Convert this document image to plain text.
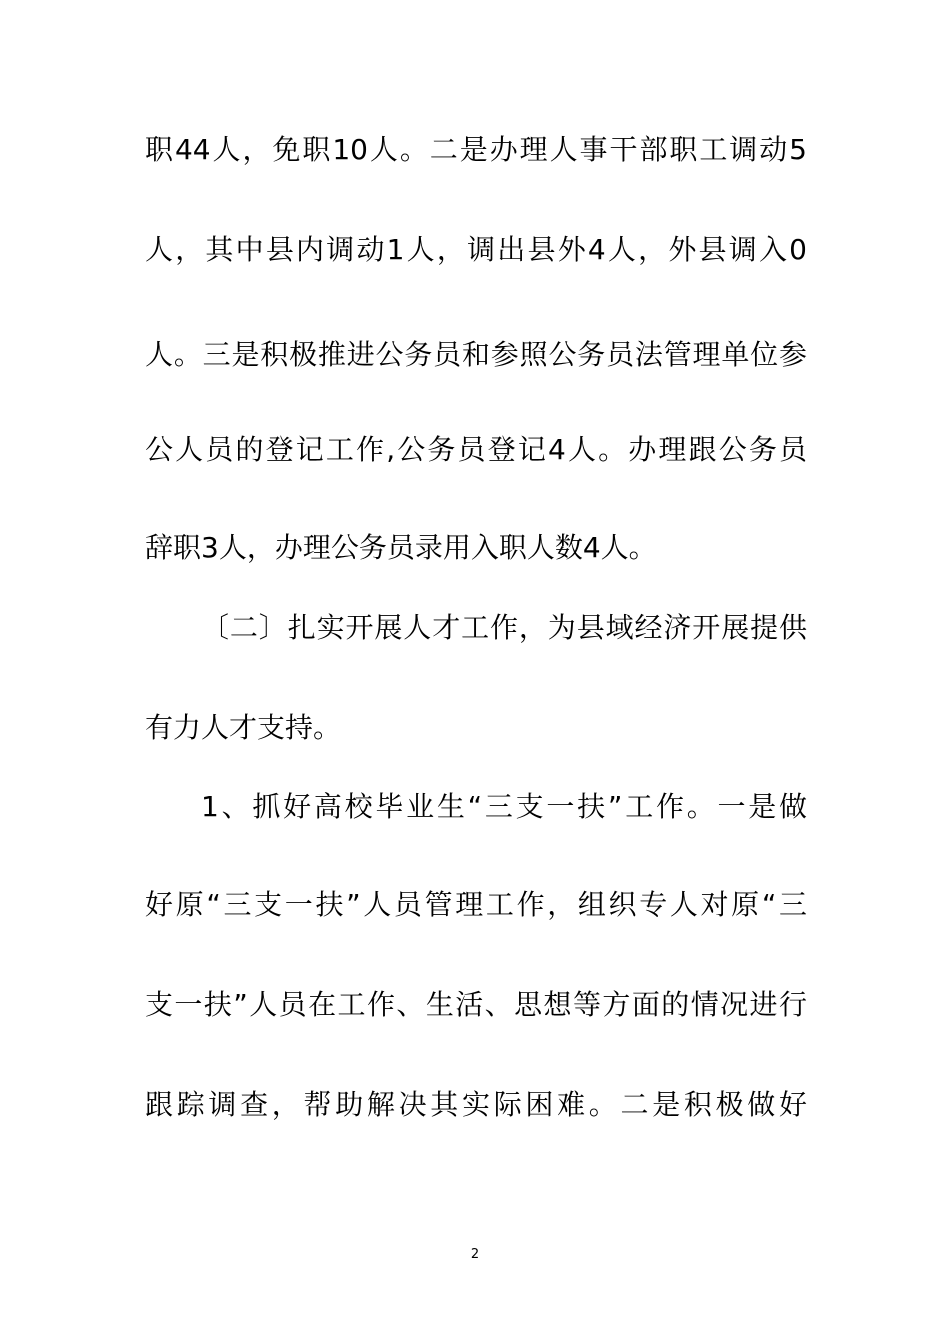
职44人，免职10人。二是办理人事干部职工调动5
人，其中县内调动1人，调出县外4人，外县调入0
人。三是积极推进公务员和参照公务员法管理单位参
公人员的登记工作,公务员登记4人。办理跟公务员
辞职3人，办理公务员录用入职人数4人。
〔二〕扎实开展人才工作，为县域经济开展提供
有力人才支持。
1、抓好高校毕业生“三支一扶”工作。一是做
好原“三支一扶”人员管理工作，组织专人对原“三
支一扶”人员在工作、生活、思想等方面的情况进行
跟踪调查，帮助解决其实际困难。二是积极做好
2
